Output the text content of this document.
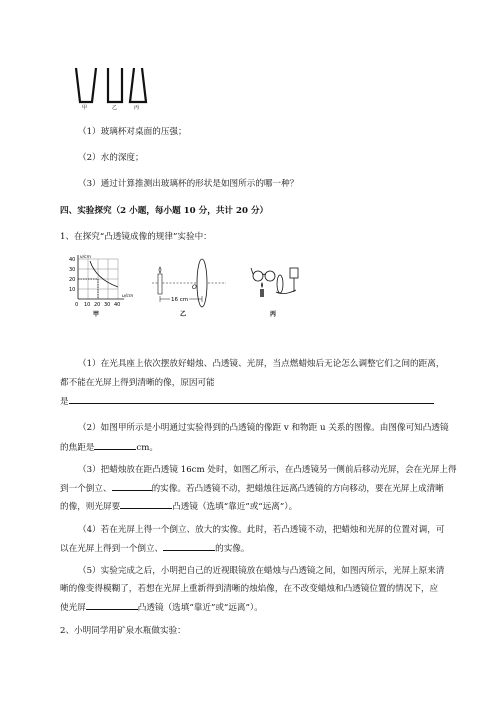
甲	乙	丙
（1）玻璃杯对桌面的压强；
（2）水的深度；
（3）通过计算推测出玻璃杯的形状是如图所示的哪一种？
四、实验探究（2 小题，每小题 10 分，共计 20 分）
1、在探究“凸透镜成像的规律”实验中：
v/cm
u/cm
40
30
20
10
0 10 20 30 40
甲
O
16 cm
乙	丙
（1）在光具座上依次摆放好蜡烛、凸透镜、光屏，当点燃蜡烛后无论怎么调整它们之间的距离，
都不能在光屏上得到清晰的像，原因可能
是
（2）如图甲所示是小明通过实验得到的凸透镜的像距 v 和物距 u 关系的图像。由图像可知凸透镜
的焦距是	cm。
（3）把蜡烛放在距凸透镜 16cm 处时，如图乙所示，在凸透镜另一侧前后移动光屏，会在光屏上得
到一个倒立、	的实像。若凸透镜不动，把蜡烛往远离凸透镜的方向移动，要在光屏上成清晰
的像，则光屏要	凸透镜（选填“靠近”或“远离”）。
（4）若在光屏上得一个倒立、放大的实像。此时，若凸透镜不动，把蜡烛和光屏的位置对调，可
以在光屏上得到一个倒立、	的实像。
（5）实验完成之后，小明把自己的近视眼镜放在蜡烛与凸透镜之间，如图丙所示，光屏上原来清
晰的像变得模糊了，若想在光屏上重新得到清晰的烛焰像，在不改变蜡烛和凸透镜位置的情况下，应
使光屏	凸透镜（选填“靠近”或“远离”）。
2、小明同学用矿泉水瓶做实验：
